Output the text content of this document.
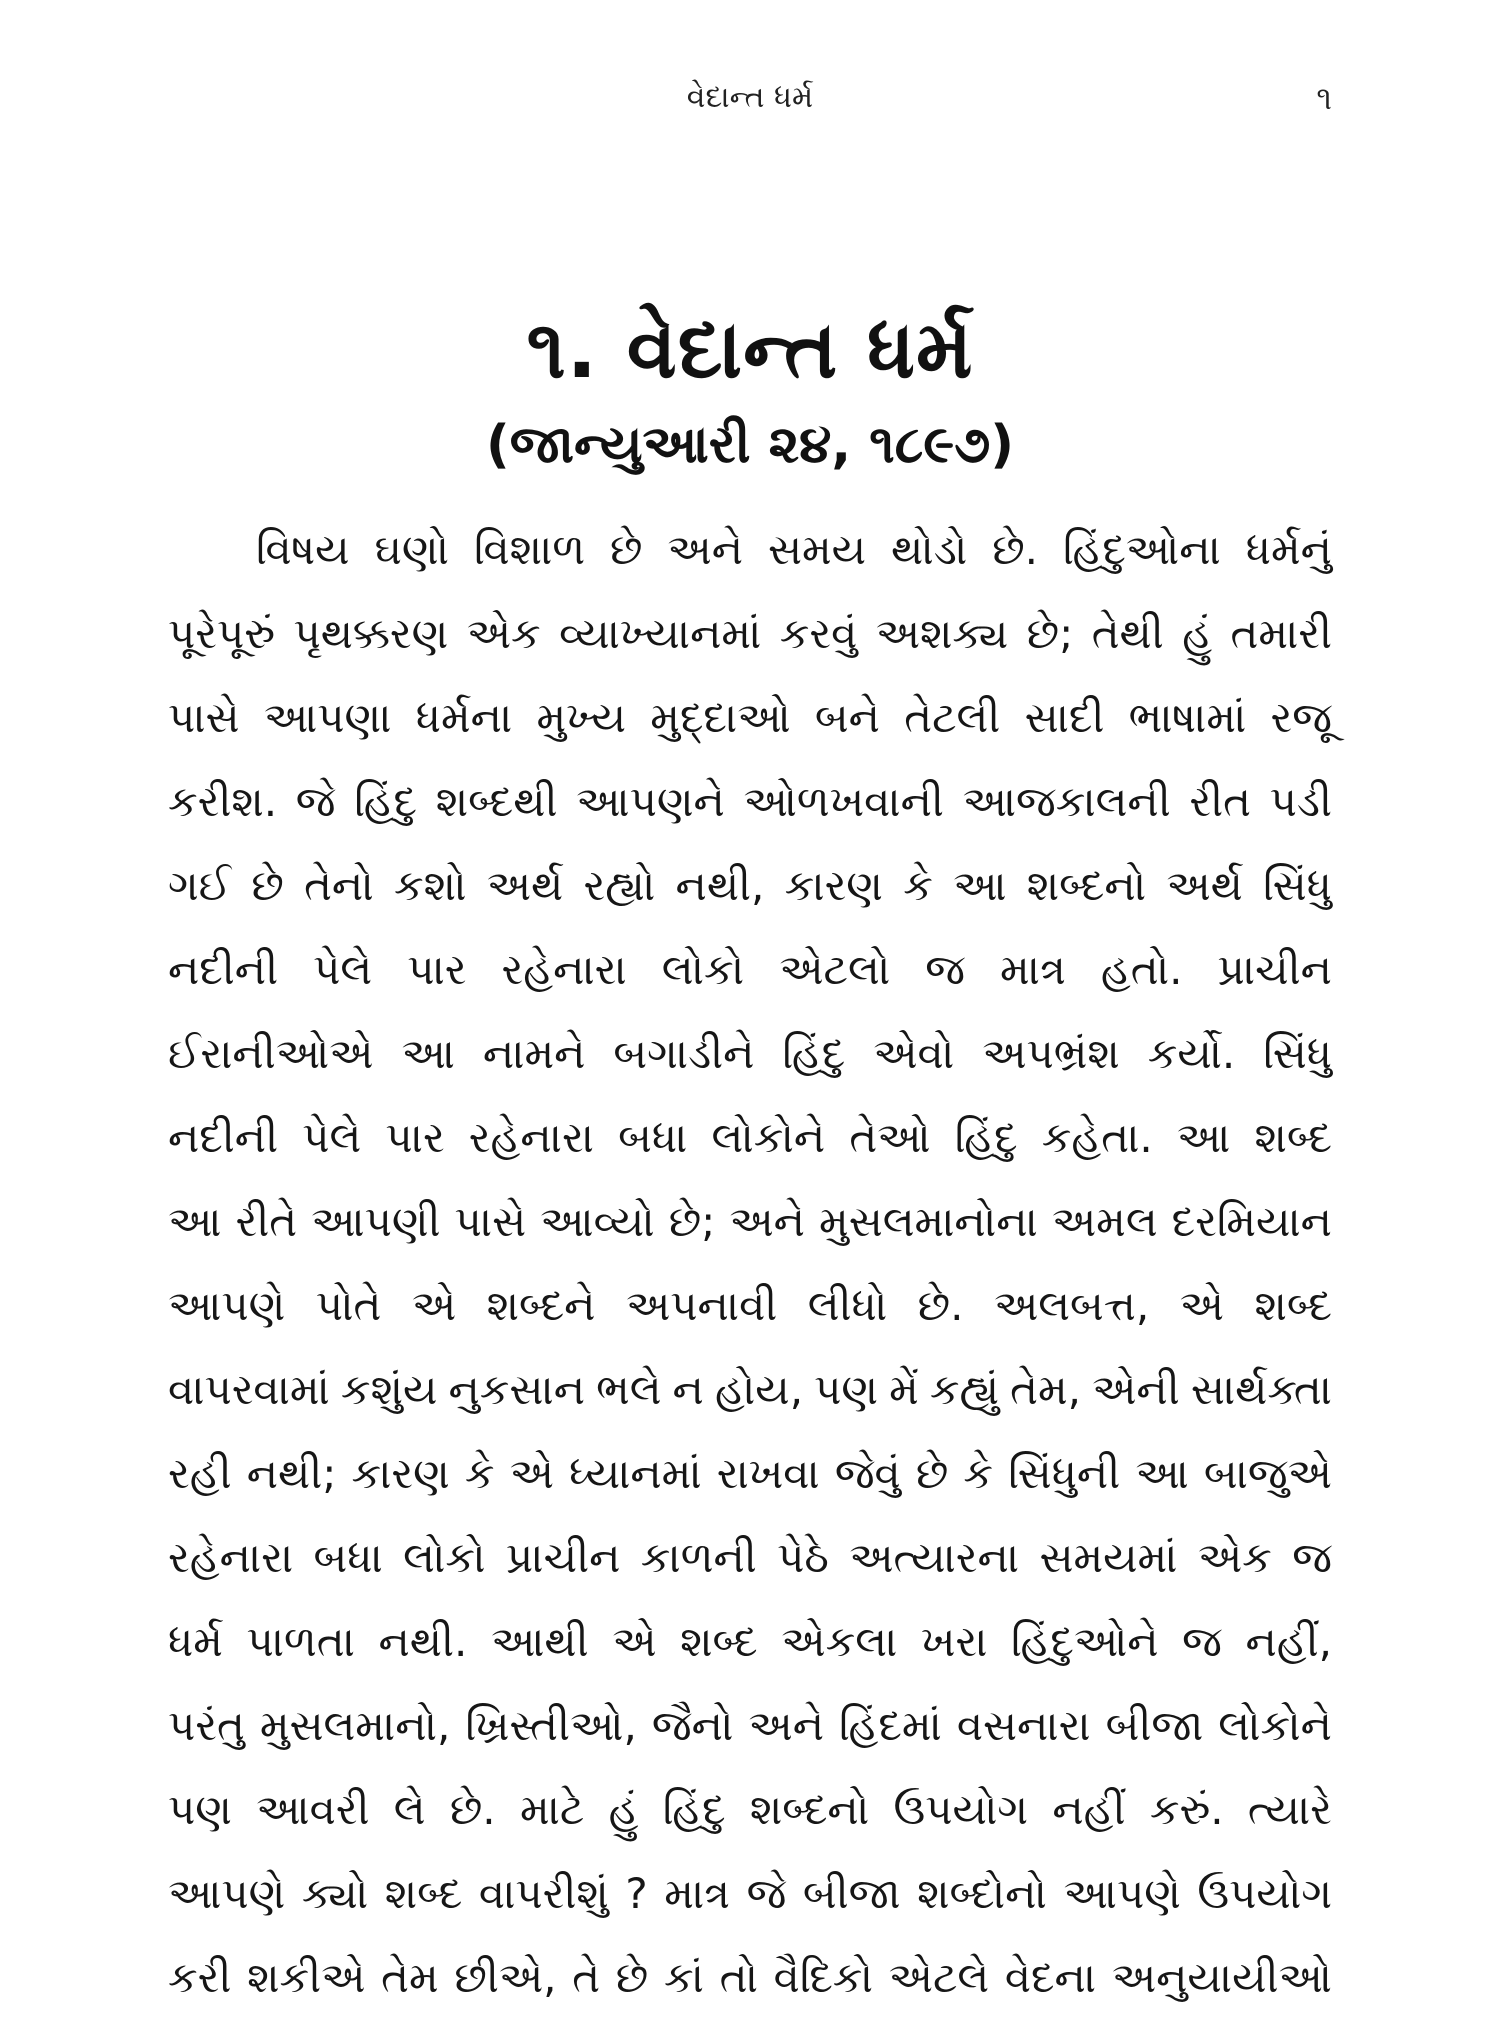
વેદાન્ત ધર્મ	૧
૧. વેદાન્ત ધર્મ
(જાન્યુઆરી ૨૪, ૧૮૯૭)
વિષય ઘણો વિશાળ છે અને સમય થોડો છે. હિંદુઓના ધર્મનું
પૂરેપૂરું પૃથક્કરણ એક વ્યાખ્યાનમાં કરવું અશક્ય છે; તેથી હું તમારી
પાસે આપણા ધર્મના મુખ્ય મુદ્દાઓ બને તેટલી સાદી ભાષામાં રજૂ
કરીશ. જે હિંદુ શબ્દથી આપણને ઓળખવાની આજકાલની રીત પડી
ગઈ છે તેનો કશો અર્થ રહ્યો નથી, કારણ કે આ શબ્દનો અર્થ સિંધુ
નદીની પેલે પાર રહેનારા લોકો એટલો જ માત્ર હતો. પ્રાચીન
ઈરાનીઓએ આ નામને બગાડીને હિંદુ એવો અપભ્રંશ કર્યો. સિંધુ
નદીની પેલે પાર રહેનારા બધા લોકોને તેઓ હિંદુ કહેતા. આ શબ્દ
આ રીતે આપણી પાસે આવ્યો છે; અને મુસલમાનોના અમલ દરમિયાન
આપણે પોતે એ શબ્દને અપનાવી લીધો છે. અલબત્ત, એ શબ્દ
વાપરવામાં કશુંય નુકસાન ભલે ન હોય, પણ મેં કહ્યું તેમ, એની સાર્થક્તા
રહી નથી; કારણ કે એ ધ્યાનમાં રાખવા જેવું છે કે સિંધુની આ બાજુએ
રહેનારા બધા લોકો પ્રાચીન કાળની પેઠે અત્યારના સમયમાં એક જ
ધર્મ પાળતા નથી. આથી એ શબ્દ એકલા ખરા હિંદુઓને જ નહીં,
પરંતુ મુસલમાનો, ખ્રિસ્તીઓ, જૈનો અને હિંદમાં વસનારા બીજા લોકોને
પણ આવરી લે છે. માટે હું હિંદુ શબ્દનો ઉપયોગ નહીં કરું. ત્યારે
આપણે ક્યો શબ્દ વાપરીશું ? માત્ર જે બીજા શબ્દોનો આપણે ઉપયોગ
કરી શકીએ તેમ છીએ, તે છે કાં તો વૈદિકો એટલે વેદના અનુયાયીઓ
